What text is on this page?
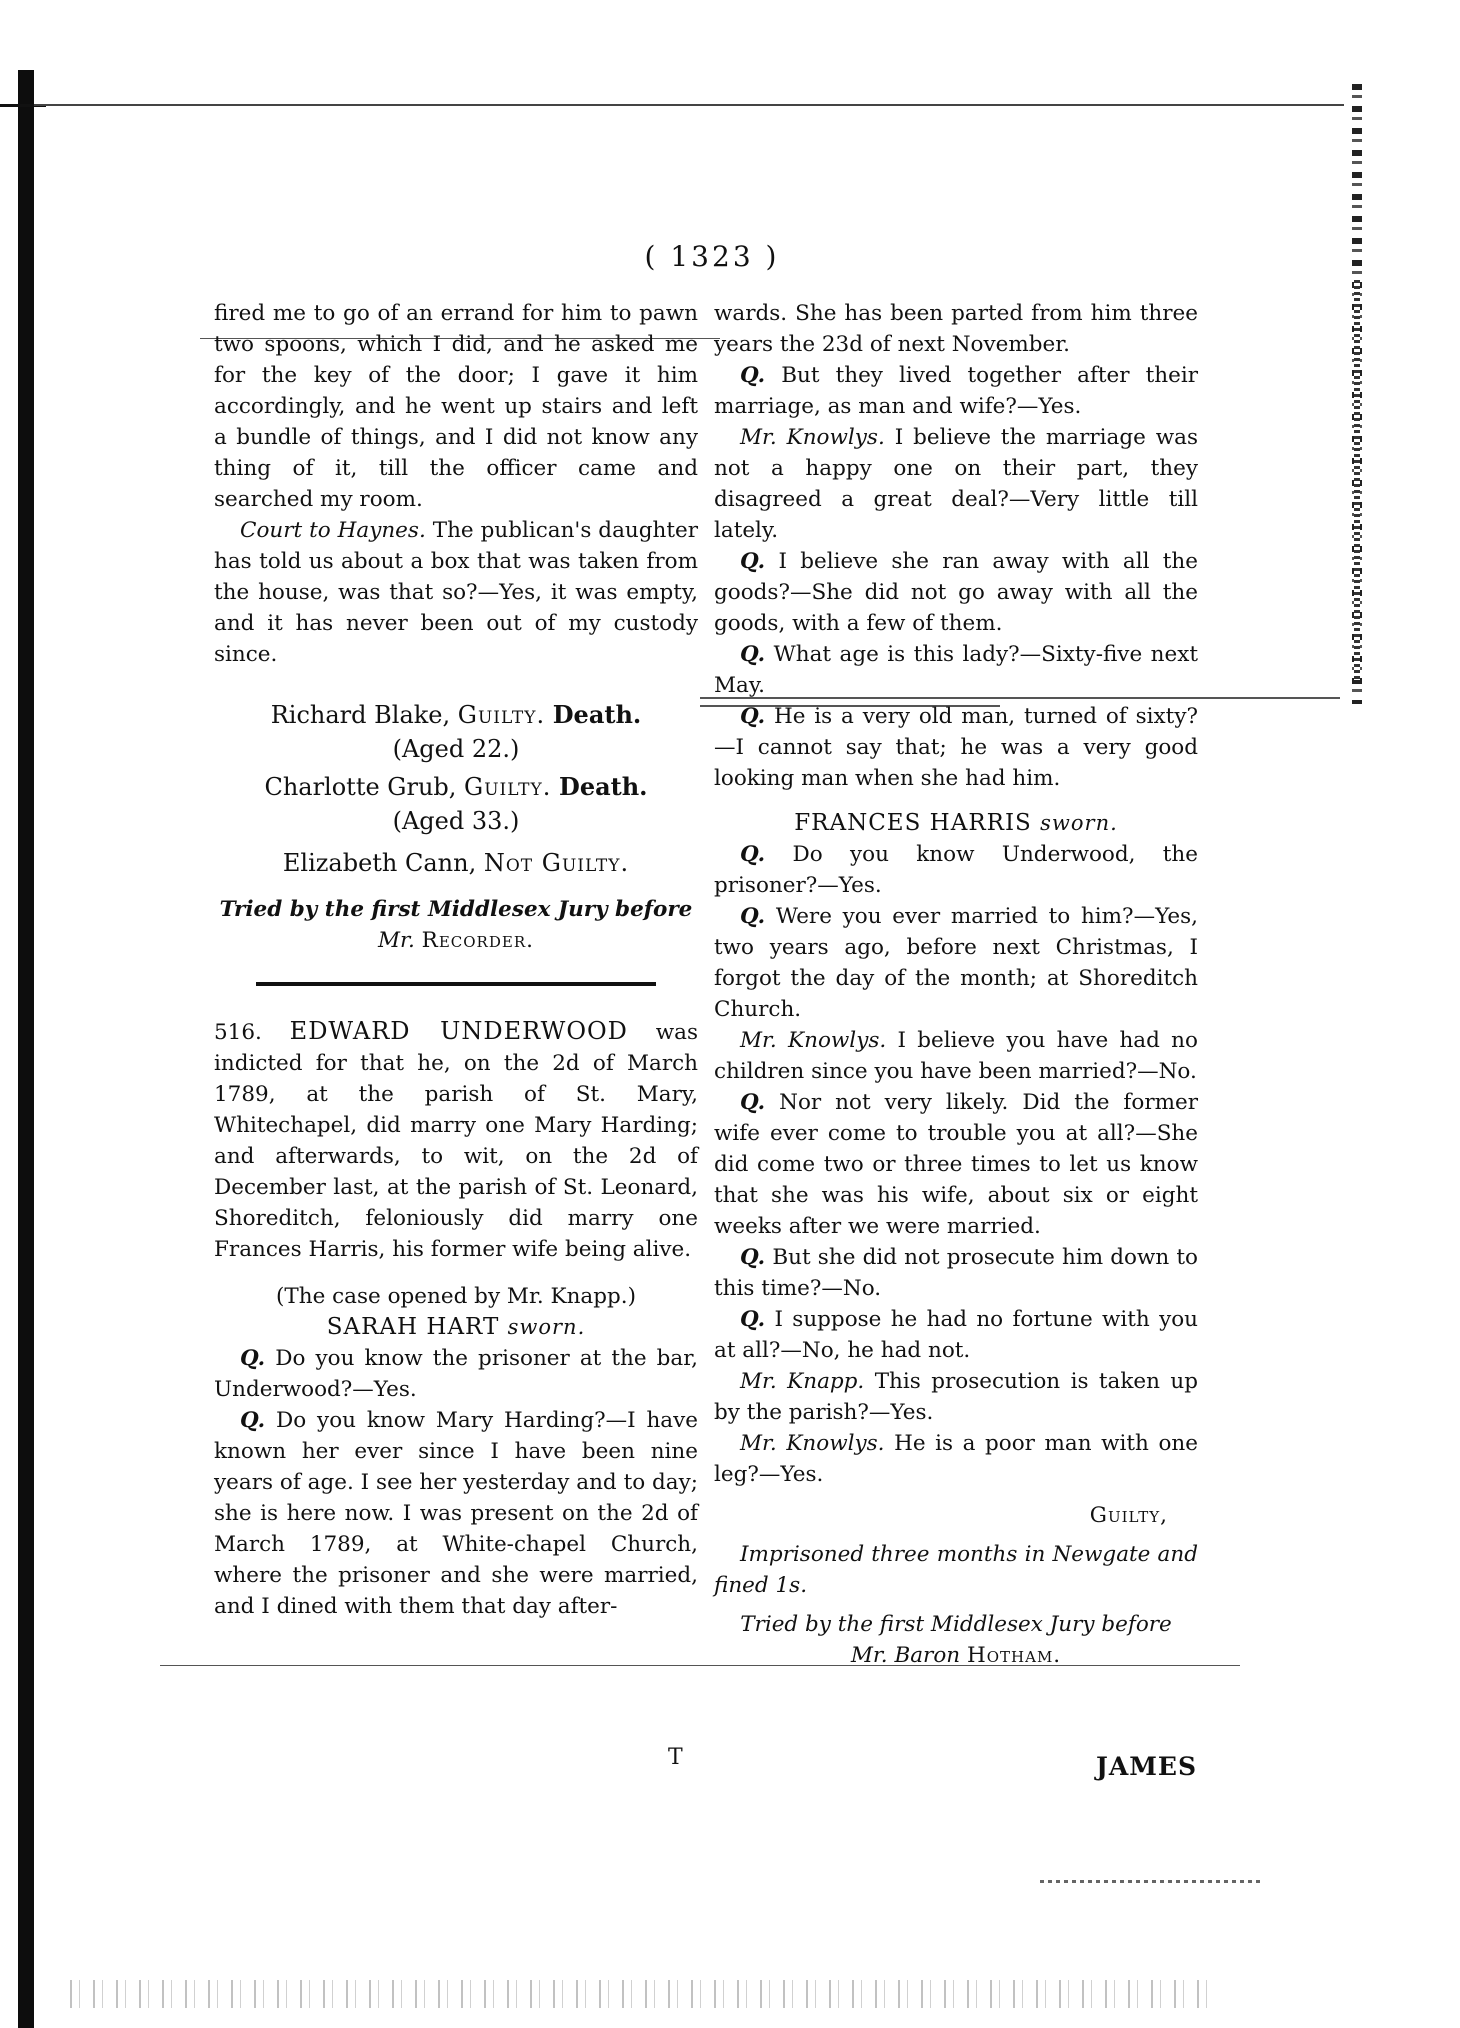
( 1323 )

fired me to go of an errand for him to pawn two spoons, which I did, and he asked me for the key of the door; I gave it him accordingly, and he went up stairs and left a bundle of things, and I did not know any thing of it, till the officer came and searched my room.

Court to Haynes. The publican's daughter has told us about a box that was taken from the house, was that so?—Yes, it was empty, and it has never been out of my custody since.

Richard Blake, Guilty. Death.

(Aged 22.)

Charlotte Grub, Guilty. Death.

(Aged 33.)

Elizabeth Cann, Not Guilty.

Tried by the first Middlesex Jury before

Mr. Recorder.

516. EDWARD UNDERWOOD was indicted for that he, on the 2d of March 1789, at the parish of St. Mary, Whitechapel, did marry one Mary Harding; and afterwards, to wit, on the 2d of December last, at the parish of St. Leonard, Shoreditch, feloniously did marry one Frances Harris, his former wife being alive.

(The case opened by Mr. Knapp.)

SARAH HART sworn.

Q. Do you know the prisoner at the bar, Underwood?—Yes.

Q. Do you know Mary Harding?—I have known her ever since I have been nine years of age. I see her yesterday and to day; she is here now. I was present on the 2d of March 1789, at White-chapel Church, where the prisoner and she were married, and I dined with them that day after-

wards. She has been parted from him three years the 23d of next November.

Q. But they lived together after their marriage, as man and wife?—Yes.

Mr. Knowlys. I believe the marriage was not a happy one on their part, they disagreed a great deal?—Very little till lately.

Q. I believe she ran away with all the goods?—She did not go away with all the goods, with a few of them.

Q. What age is this lady?—Sixty-five next May.

Q. He is a very old man, turned of sixty?—I cannot say that; he was a very good looking man when she had him.

FRANCES HARRIS sworn.

Q. Do you know Underwood, the prisoner?—Yes.

Q. Were you ever married to him?—Yes, two years ago, before next Christmas, I forgot the day of the month; at Shoreditch Church.

Mr. Knowlys. I believe you have had no children since you have been married?—No.

Q. Nor not very likely. Did the former wife ever come to trouble you at all?—She did come two or three times to let us know that she was his wife, about six or eight weeks after we were married.

Q. But she did not prosecute him down to this time?—No.

Q. I suppose he had no fortune with you at all?—No, he had not.

Mr. Knapp. This prosecution is taken up by the parish?—Yes.

Mr. Knowlys. He is a poor man with one leg?—Yes.

Guilty,

Imprisoned three months in Newgate and fined 1s.

Tried by the first Middlesex Jury before

Mr. Baron Hotham.

T	JAMES
